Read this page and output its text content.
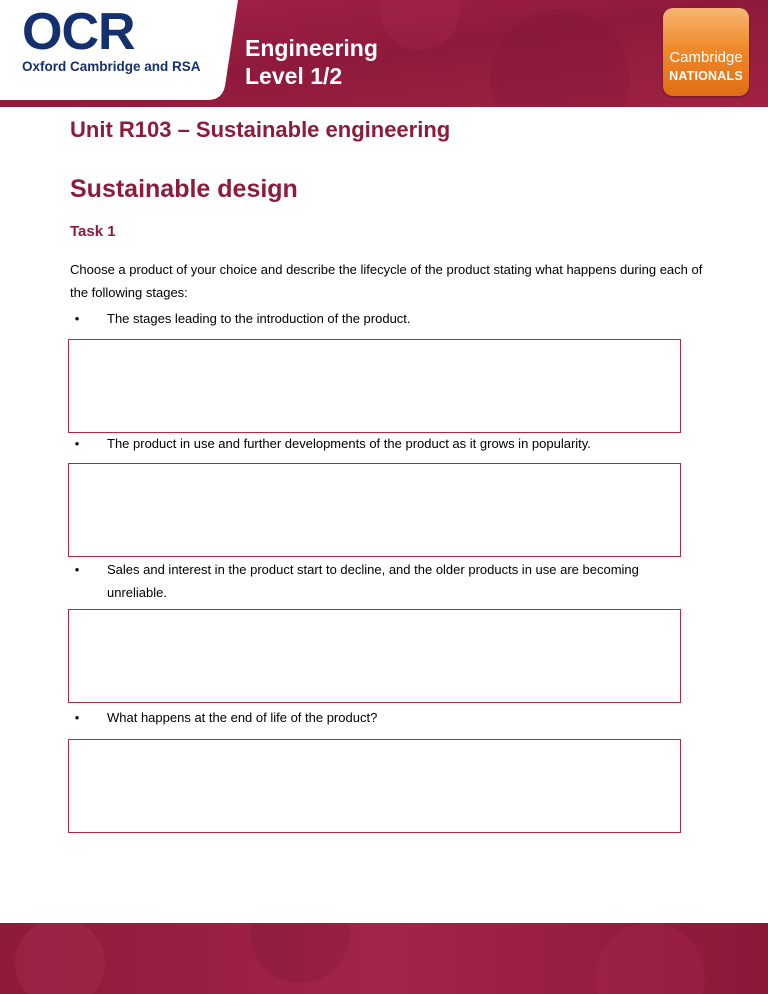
OCR
Oxford Cambridge and RSA
Engineering
Level 1/2
Cambridge
NATIONALS
Unit R103 – Sustainable engineering
Sustainable design
Task 1
Choose a product of your choice and describe the lifecycle of the product stating what happens during each of the following stages:
•	The stages leading to the introduction of the product.
•	The product in use and further developments of the product as it grows in popularity.
•	Sales and interest in the product start to decline, and the older products in use are becoming unreliable.
•	What happens at the end of life of the product?
